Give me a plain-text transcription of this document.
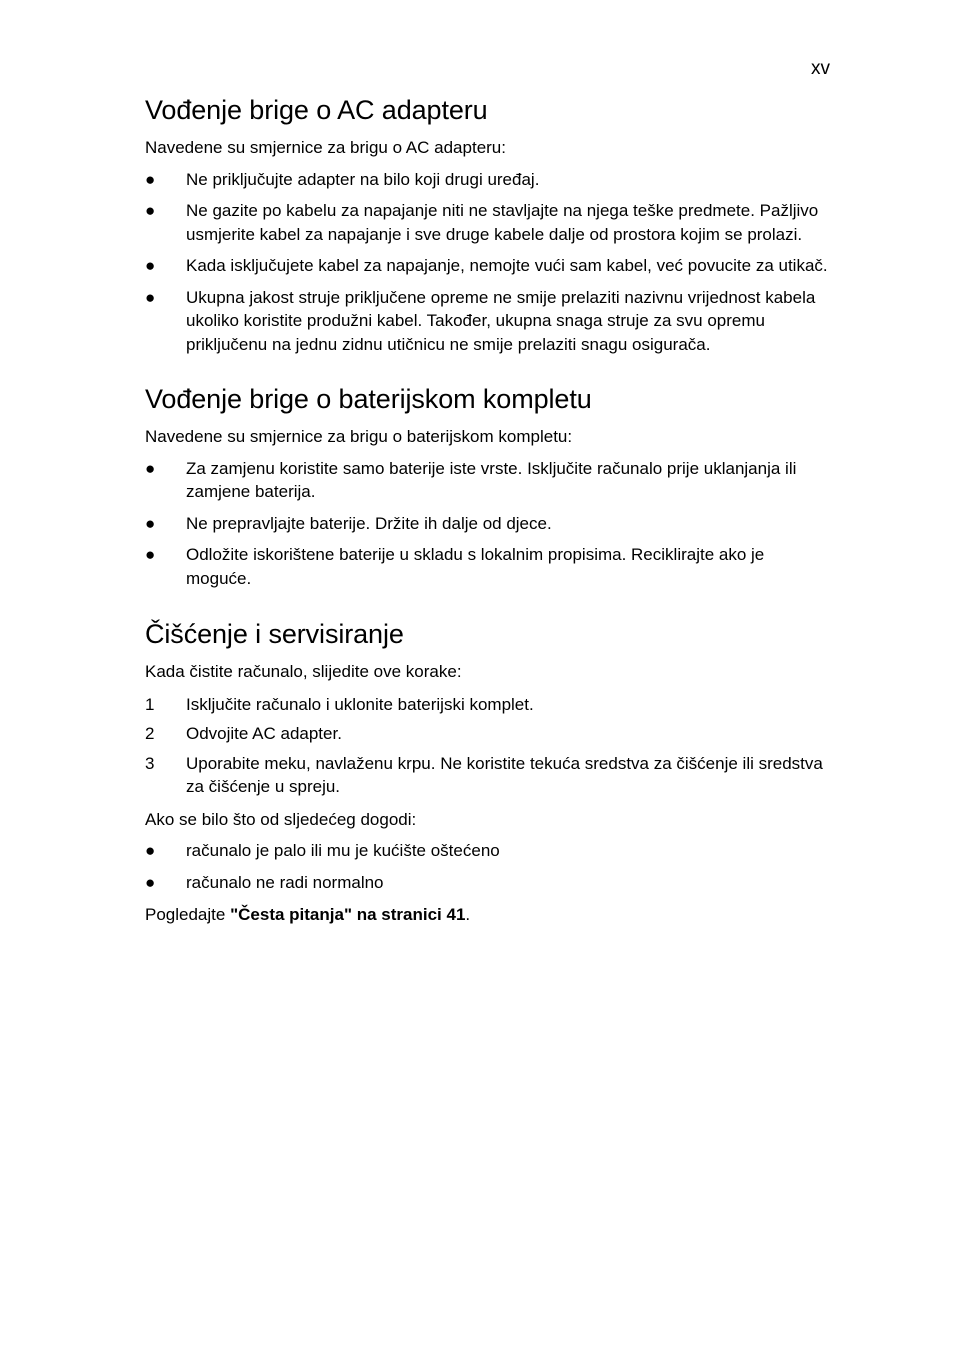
xv
Vođenje brige o AC adapteru

Navedene su smjernice za brigu o AC adapteru:

● Ne priključujte adapter na bilo koji drugi uređaj.
● Ne gazite po kabelu za napajanje niti ne stavljajte na njega teške predmete. Pažljivo usmjerite kabel za napajanje i sve druge kabele dalje od prostora kojim se prolazi.
● Kada isključujete kabel za napajanje, nemojte vući sam kabel, već povucite za utikač.
● Ukupna jakost struje priključene opreme ne smije prelaziti nazivnu vrijednost kabela ukoliko koristite produžni kabel. Također, ukupna snaga struje za svu opremu priključenu na jednu zidnu utičnicu ne smije prelaziti snagu osigurača.
Vođenje brige o baterijskom kompletu

Navedene su smjernice za brigu o baterijskom kompletu:

● Za zamjenu koristite samo baterije iste vrste. Isključite računalo prije uklanjanja ili zamjene baterija.
● Ne prepravljajte baterije. Držite ih dalje od djece.
● Odložite iskorištene baterije u skladu s lokalnim propisima. Reciklirajte ako je moguće.
Čišćenje i servisiranje

Kada čistite računalo, slijedite ove korake:

1 Isključite računalo i uklonite baterijski komplet.
2 Odvojite AC adapter.
3 Uporabite meku, navlaženu krpu. Ne koristite tekuća sredstva za čišćenje ili sredstva za čišćenje u spreju.

Ako se bilo što od sljedećeg dogodi:

● računalo je palo ili mu je kućište oštećeno
● računalo ne radi normalno

Pogledajte "Česta pitanja" na stranici 41.
